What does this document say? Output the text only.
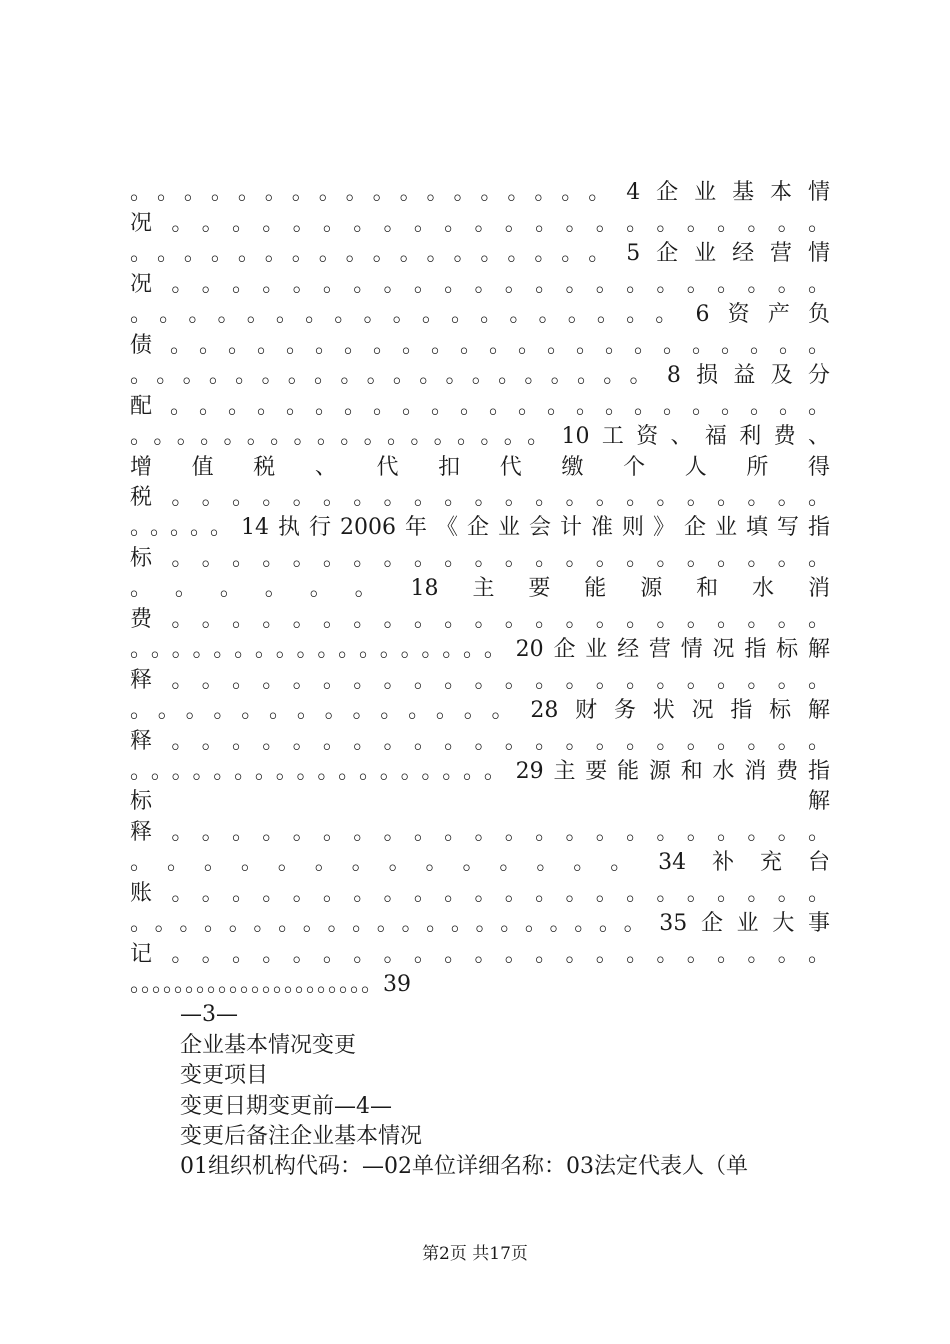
。。。。。。。。。。。。。。。。。。4企业基本情
况。。。。。。。。。。。。。。。。。。。。。。
。。。。。。。。。。。。。。。。。。5企业经营情
况。。。。。。。。。。。。。。。。。。。。。。
。。。。。。。。。。。。。。。。。。。6资产负
债。。。。。。。。。。。。。。。。。。。。。。。
。。。。。。。。。。。。。。。。。。。。8损益及分
配。。。。。。。。。。。。。。。。。。。。。。。
。。。。。。。。。。。。。。。。。。10工资、福利费、
增值税、代扣代缴个人所得
税。。。。。。。。。。。。。。。。。。。。。。
。。。。。14执行2006年《企业会计准则》企业填写指
标。。。。。。。。。。。。。。。。。。。。。。
。。。。。。18主要能源和水消
费。。。。。。。。。。。。。。。。。。。。。。
。。。。。。。。。。。。。。。。。。20企业经营情况指标解
释。。。。。。。。。。。。。。。。。。。。。。
。。。。。。。。。。。。。。28财务状况指标解
释。。。。。。。。。。。。。。。。。。。。。。
。。。。。。。。。。。。。。。。。。29主要能源和水消费指
标解
释。。。。。。。。。。。。。。。。。。。。。。
。。。。。。。。。。。。。。34补充台
账。。。。。。。。。。。。。。。。。。。。。。
。。。。。。。。。。。。。。。。。。。。。35企业大事
记。。。。。。。。。。。。。。。。。。。。。。
。。。。。。。。。。。。。。。。。。。。。。39
—3—
企业基本情况变更
变更项目
变更日期变更前—4—
变更后备注企业基本情况
01组织机构代码：—02单位详细名称：03法定代表人（单
第2页 共17页
